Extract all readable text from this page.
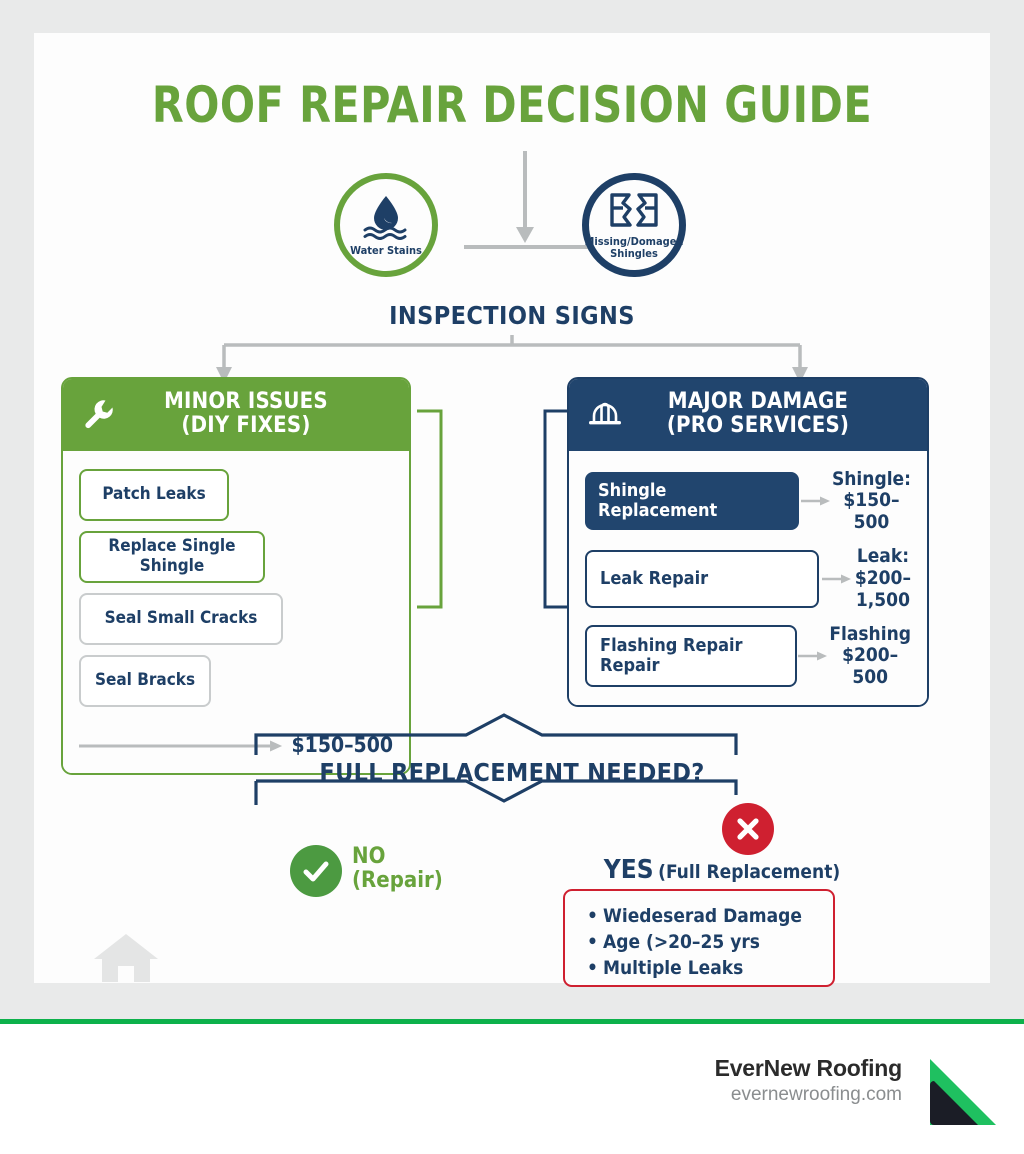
ROOF REPAIR DECISION GUIDE
Water Stains
Missing/Domaged Shingles
INSPECTION SIGNS
MINOR ISSUES
(DIY FIXES)
Patch Leaks
Replace Single Shingle
Seal Small Cracks
Seal Bracks
$150–500
MAJOR DAMAGE
(PRO SERVICES)
Shingle Replacement
Shingle:
$150–500
Leak Repair
Leak:
$200–1,500
Flashing Repair Repair
Flashing
$200–500
FULL REPLACEMENT NEEDED?
NO
(Repair)	YES (Full Replacement)
• Wiedeserad Damage
• Age (>20–25 yrs
• Multiple Leaks
EverNew Roofing
evernewroofing.com
